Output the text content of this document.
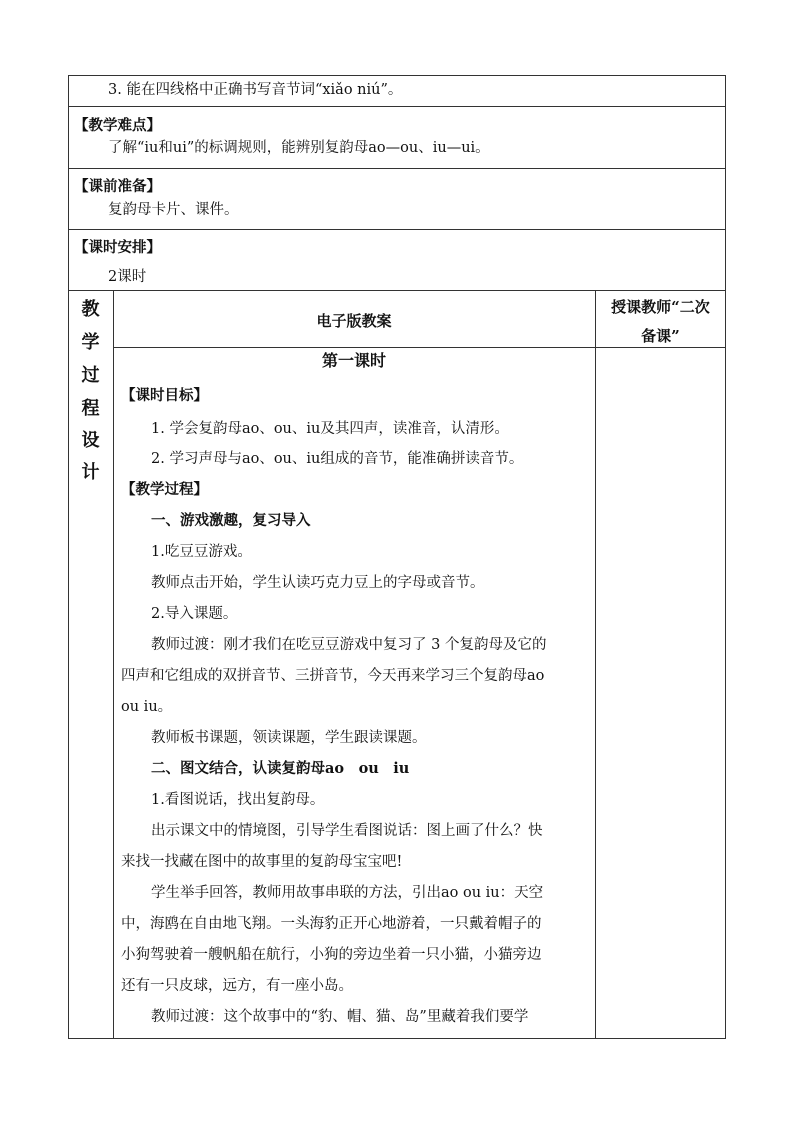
3. 能在四线格中正确书写音节词“xiǎo niú”。
【教学难点】
了解“iu和ui”的标调规则，能辨别复韵母ao—ou、iu—ui。
【课前准备】
复韵母卡片、课件。
【课时安排】
2课时
教
学
过
程
设
计
电子版教案
授课教师“二次
备课”
第一课时
【课时目标】
1. 学会复韵母ao、ou、iu及其四声，读准音，认清形。
2. 学习声母与ao、ou、iu组成的音节，能准确拼读音节。
【教学过程】
一、游戏激趣，复习导入
1.吃豆豆游戏。
教师点击开始，学生认读巧克力豆上的字母或音节。
2.导入课题。
教师过渡：刚才我们在吃豆豆游戏中复习了 3 个复韵母及它的
四声和它组成的双拼音节、三拼音节，今天再来学习三个复韵母ao
ou iu。
教师板书课题，领读课题，学生跟读课题。
二、图文结合，认读复韵母ao　ou　iu
1.看图说话，找出复韵母。
出示课文中的情境图，引导学生看图说话：图上画了什么？快
来找一找藏在图中的故事里的复韵母宝宝吧!
学生举手回答，教师用故事串联的方法，引出ao ou iu：天空
中，海鸥在自由地飞翔。一头海豹正开心地游着，一只戴着帽子的
小狗驾驶着一艘帆船在航行，小狗的旁边坐着一只小猫，小猫旁边
还有一只皮球，远方，有一座小岛。
教师过渡：这个故事中的“豹、帽、猫、岛”里藏着我们要学
